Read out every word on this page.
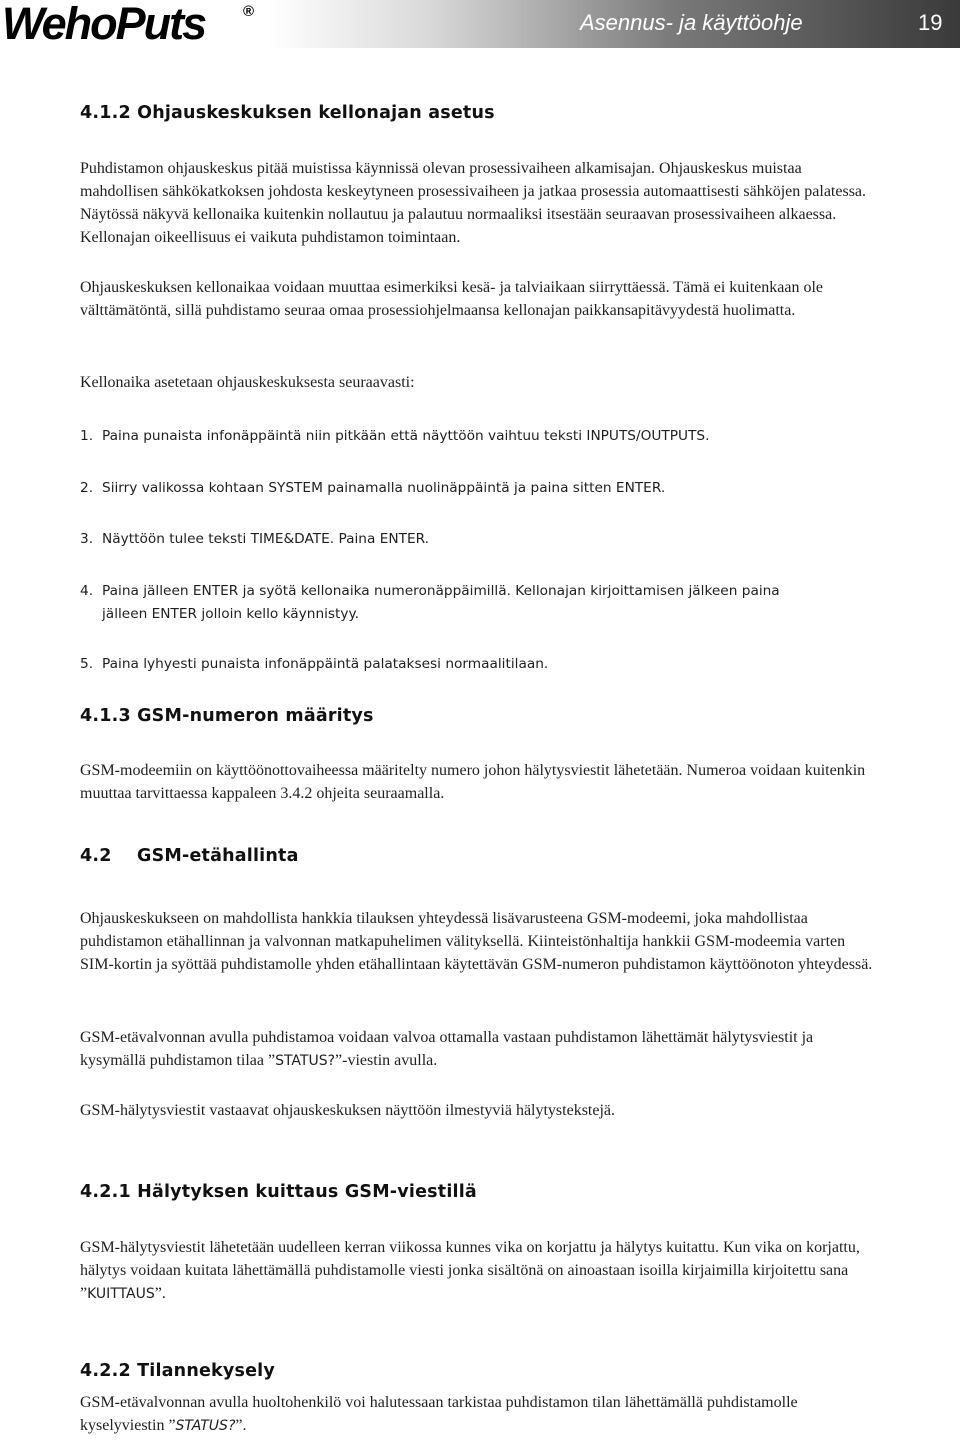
WehoPuts	®	Asennus- ja käyttöohje	19
4.1.2 Ohjauskeskuksen kellonajan asetus

Puhdistamon ohjauskeskus pitää muistissa käynnissä olevan prosessivaiheen alkamisajan. Ohjauskeskus muistaa mahdollisen sähkökatkoksen johdosta keskeytyneen prosessivaiheen ja jatkaa prosessia automaattisesti sähköjen palatessa. Näytössä näkyvä kellonaika kuitenkin nollautuu ja palautuu normaaliksi itsestään seuraavan prosessivaiheen alkaessa. Kellonajan oikeellisuus ei vaikuta puhdistamon toimintaan.

Ohjauskeskuksen kellonaikaa voidaan muuttaa esimerkiksi kesä- ja talviaikaan siirryttäessä. Tämä ei kuitenkaan ole välttämätöntä, sillä puhdistamo seuraa omaa prosessiohjelmaansa kellonajan paikkansapitävyydestä huolimatta.

Kellonaika asetetaan ohjauskeskuksesta seuraavasti:

1. Paina punaista infonäppäintä niin pitkään että näyttöön vaihtuu teksti INPUTS/OUTPUTS.
2. Siirry valikossa kohtaan SYSTEM painamalla nuolinäppäintä ja paina sitten ENTER.
3. Näyttöön tulee teksti TIME&DATE. Paina ENTER.
4. Paina jälleen ENTER ja syötä kellonaika numeronäppäimillä. Kellonajan kirjoittamisen jälkeen paina jälleen ENTER jolloin kello käynnistyy.
5. Paina lyhyesti punaista infonäppäintä palataksesi normaalitilaan.
4.1.3 GSM-numeron määritys

GSM-modeemiin on käyttöönottovaiheessa määritelty numero johon hälytysviestit lähetetään. Numeroa voidaan kuitenkin muuttaa tarvittaessa kappaleen 3.4.2 ohjeita seuraamalla.

4.2 GSM-etähallinta

Ohjauskeskukseen on mahdollista hankkia tilauksen yhteydessä lisävarusteena GSM-modeemi, joka mahdollistaa puhdistamon etähallinnan ja valvonnan matkapuhelimen välityksellä. Kiinteistönhaltija hankkii GSM-modeemia varten SIM-kortin ja syöttää puhdistamolle yhden etähallintaan käytettävän GSM-numeron puhdistamon käyttöönoton yhteydessä.

GSM-etävalvonnan avulla puhdistamoa voidaan valvoa ottamalla vastaan puhdistamon lähettämät hälytysviestit ja kysymällä puhdistamon tilaa ”STATUS?”-viestin avulla.

GSM-hälytysviestit vastaavat ohjauskeskuksen näyttöön ilmestyviä hälytystekstejä.

4.2.1 Hälytyksen kuittaus GSM-viestillä

GSM-hälytysviestit lähetetään uudelleen kerran viikossa kunnes vika on korjattu ja hälytys kuitattu. Kun vika on korjattu, hälytys voidaan kuitata lähettämällä puhdistamolle viesti jonka sisältönä on ainoastaan isoilla kirjaimilla kirjoitettu sana ”KUITTAUS”.

4.2.2 Tilannekysely

GSM-etävalvonnan avulla huoltohenkilö voi halutessaan tarkistaa puhdistamon tilan lähettämällä puhdistamolle kyselyviestin ”STATUS?”.
